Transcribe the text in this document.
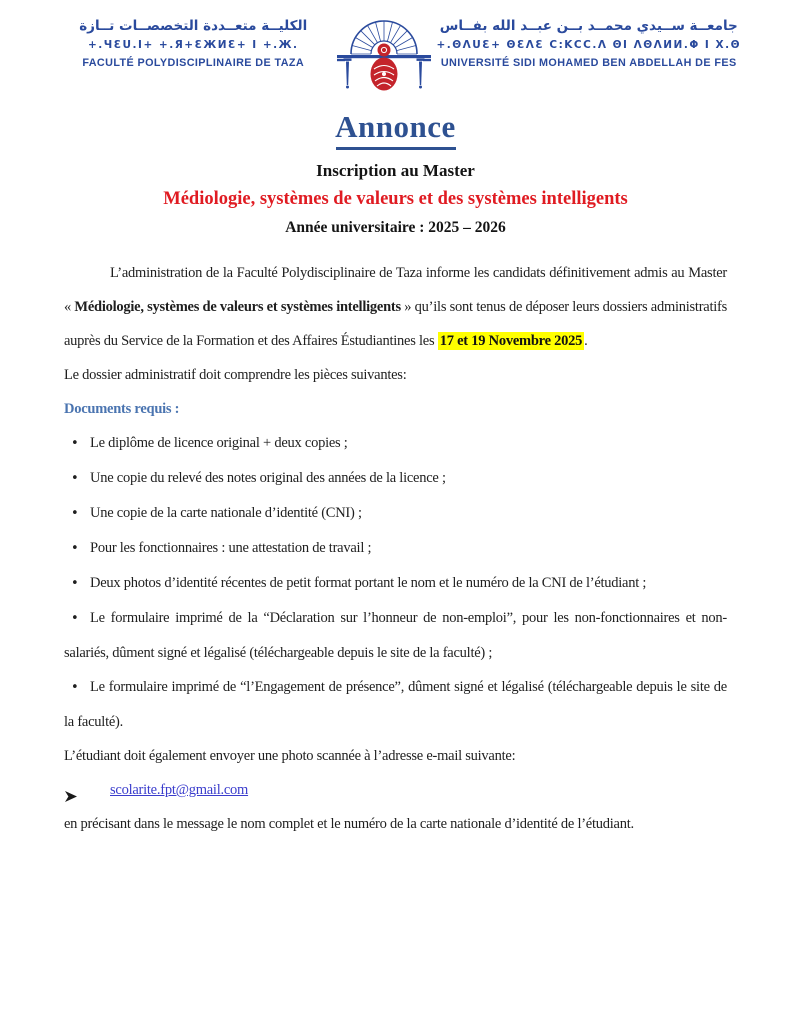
الكليــة متعــددة التخصصــات تــازة
+.ЧƐU.I+ +.Я+ƐЖИƐ+ I +.Ж.
FACULTÉ POLYDISCIPLINAIRE DE TAZA
جامعــة ســيدي محمــد بــن عبــد الله بفــاس
+.ΘΛUƐ+ ΘƐΛƐ C:ΚCC.Λ ΘI ΛΘΛИИ.Φ I X.Θ
UNIVERSITÉ SIDI MOHAMED BEN ABDELLAH DE FES
Annonce
Inscription au Master
Médiologie, systèmes de valeurs et des systèmes intelligents
Année universitaire : 2025 – 2026

L’administration de la Faculté Polydisciplinaire de Taza informe les candidats définitivement admis au Master « Médiologie, systèmes de valeurs et systèmes intelligents » qu’ils sont tenus de déposer leurs dossiers administratifs auprès du Service de la Formation et des Affaires Éstudiantines les 17 et 19 Novembre 2025 .

Le dossier administratif doit comprendre les pièces suivantes:

Documents requis :

• Le diplôme de licence original + deux copies ;

• Une copie du relevé des notes original des années de la licence ;

• Une copie de la carte nationale d’identité (CNI) ;

• Pour les fonctionnaires : une attestation de travail ;

• Deux photos d’identité récentes de petit format portant le nom et le numéro de la CNI de l’étudiant ;

• Le formulaire imprimé de la “Déclaration sur l’honneur de non-emploi”, pour les non-fonctionnaires et non-salariés, dûment signé et légalisé (téléchargeable depuis le site de la faculté) ;

• Le formulaire imprimé de “l’Engagement de présence”, dûment signé et légalisé (téléchargeable depuis le site de la faculté).

L’étudiant doit également envoyer une photo scannée à l’adresse e-mail suivante:

scolarite.fpt@gmail.com

en précisant dans le message le nom complet et le numéro de la carte nationale d’identité de l’étudiant.
